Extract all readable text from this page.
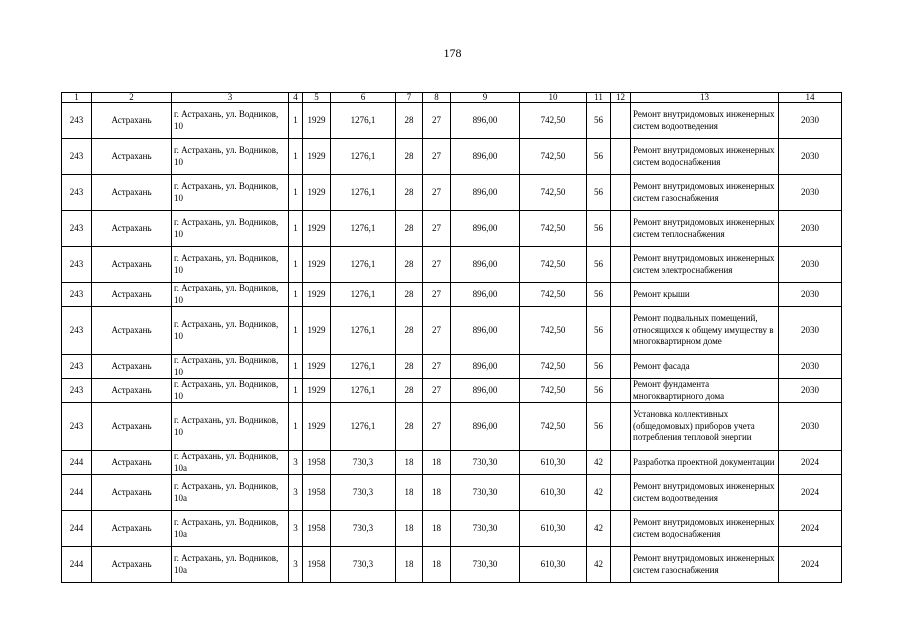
178
1	2	3	4	5	6	7	8	9	10	11	12	13	14
243	Астрахань	г. Астрахань, ул. Водников, 10	1	1929	1276,1	28	27	896,00	742,50	56		Ремонт внутридомовых инженерных систем водоотведения	2030
243	Астрахань	г. Астрахань, ул. Водников, 10	1	1929	1276,1	28	27	896,00	742,50	56		Ремонт внутридомовых инженерных систем водоснабжения	2030
243	Астрахань	г. Астрахань, ул. Водников, 10	1	1929	1276,1	28	27	896,00	742,50	56		Ремонт внутридомовых инженерных систем газоснабжения	2030
243	Астрахань	г. Астрахань, ул. Водников, 10	1	1929	1276,1	28	27	896,00	742,50	56		Ремонт внутридомовых инженерных систем теплоснабжения	2030
243	Астрахань	г. Астрахань, ул. Водников, 10	1	1929	1276,1	28	27	896,00	742,50	56		Ремонт внутридомовых инженерных систем электроснабжения	2030
243	Астрахань	г. Астрахань, ул. Водников, 10	1	1929	1276,1	28	27	896,00	742,50	56		Ремонт крыши	2030
243	Астрахань	г. Астрахань, ул. Водников, 10	1	1929	1276,1	28	27	896,00	742,50	56		Ремонт подвальных помещений, относящихся к общему имуществу в многоквартирном доме	2030
243	Астрахань	г. Астрахань, ул. Водников, 10	1	1929	1276,1	28	27	896,00	742,50	56		Ремонт фасада	2030
243	Астрахань	г. Астрахань, ул. Водников, 10	1	1929	1276,1	28	27	896,00	742,50	56		Ремонт фундамента многоквартирного дома	2030
243	Астрахань	г. Астрахань, ул. Водников, 10	1	1929	1276,1	28	27	896,00	742,50	56		Установка коллективных (общедомовых) приборов учета потребления тепловой энергии	2030
244	Астрахань	г. Астрахань, ул. Водников, 10а	3	1958	730,3	18	18	730,30	610,30	42		Разработка проектной документации	2024
244	Астрахань	г. Астрахань, ул. Водников, 10а	3	1958	730,3	18	18	730,30	610,30	42		Ремонт внутридомовых инженерных систем водоотведения	2024
244	Астрахань	г. Астрахань, ул. Водников, 10а	3	1958	730,3	18	18	730,30	610,30	42		Ремонт внутридомовых инженерных систем водоснабжения	2024
244	Астрахань	г. Астрахань, ул. Водников, 10а	3	1958	730,3	18	18	730,30	610,30	42		Ремонт внутридомовых инженерных систем газоснабжения	2024
